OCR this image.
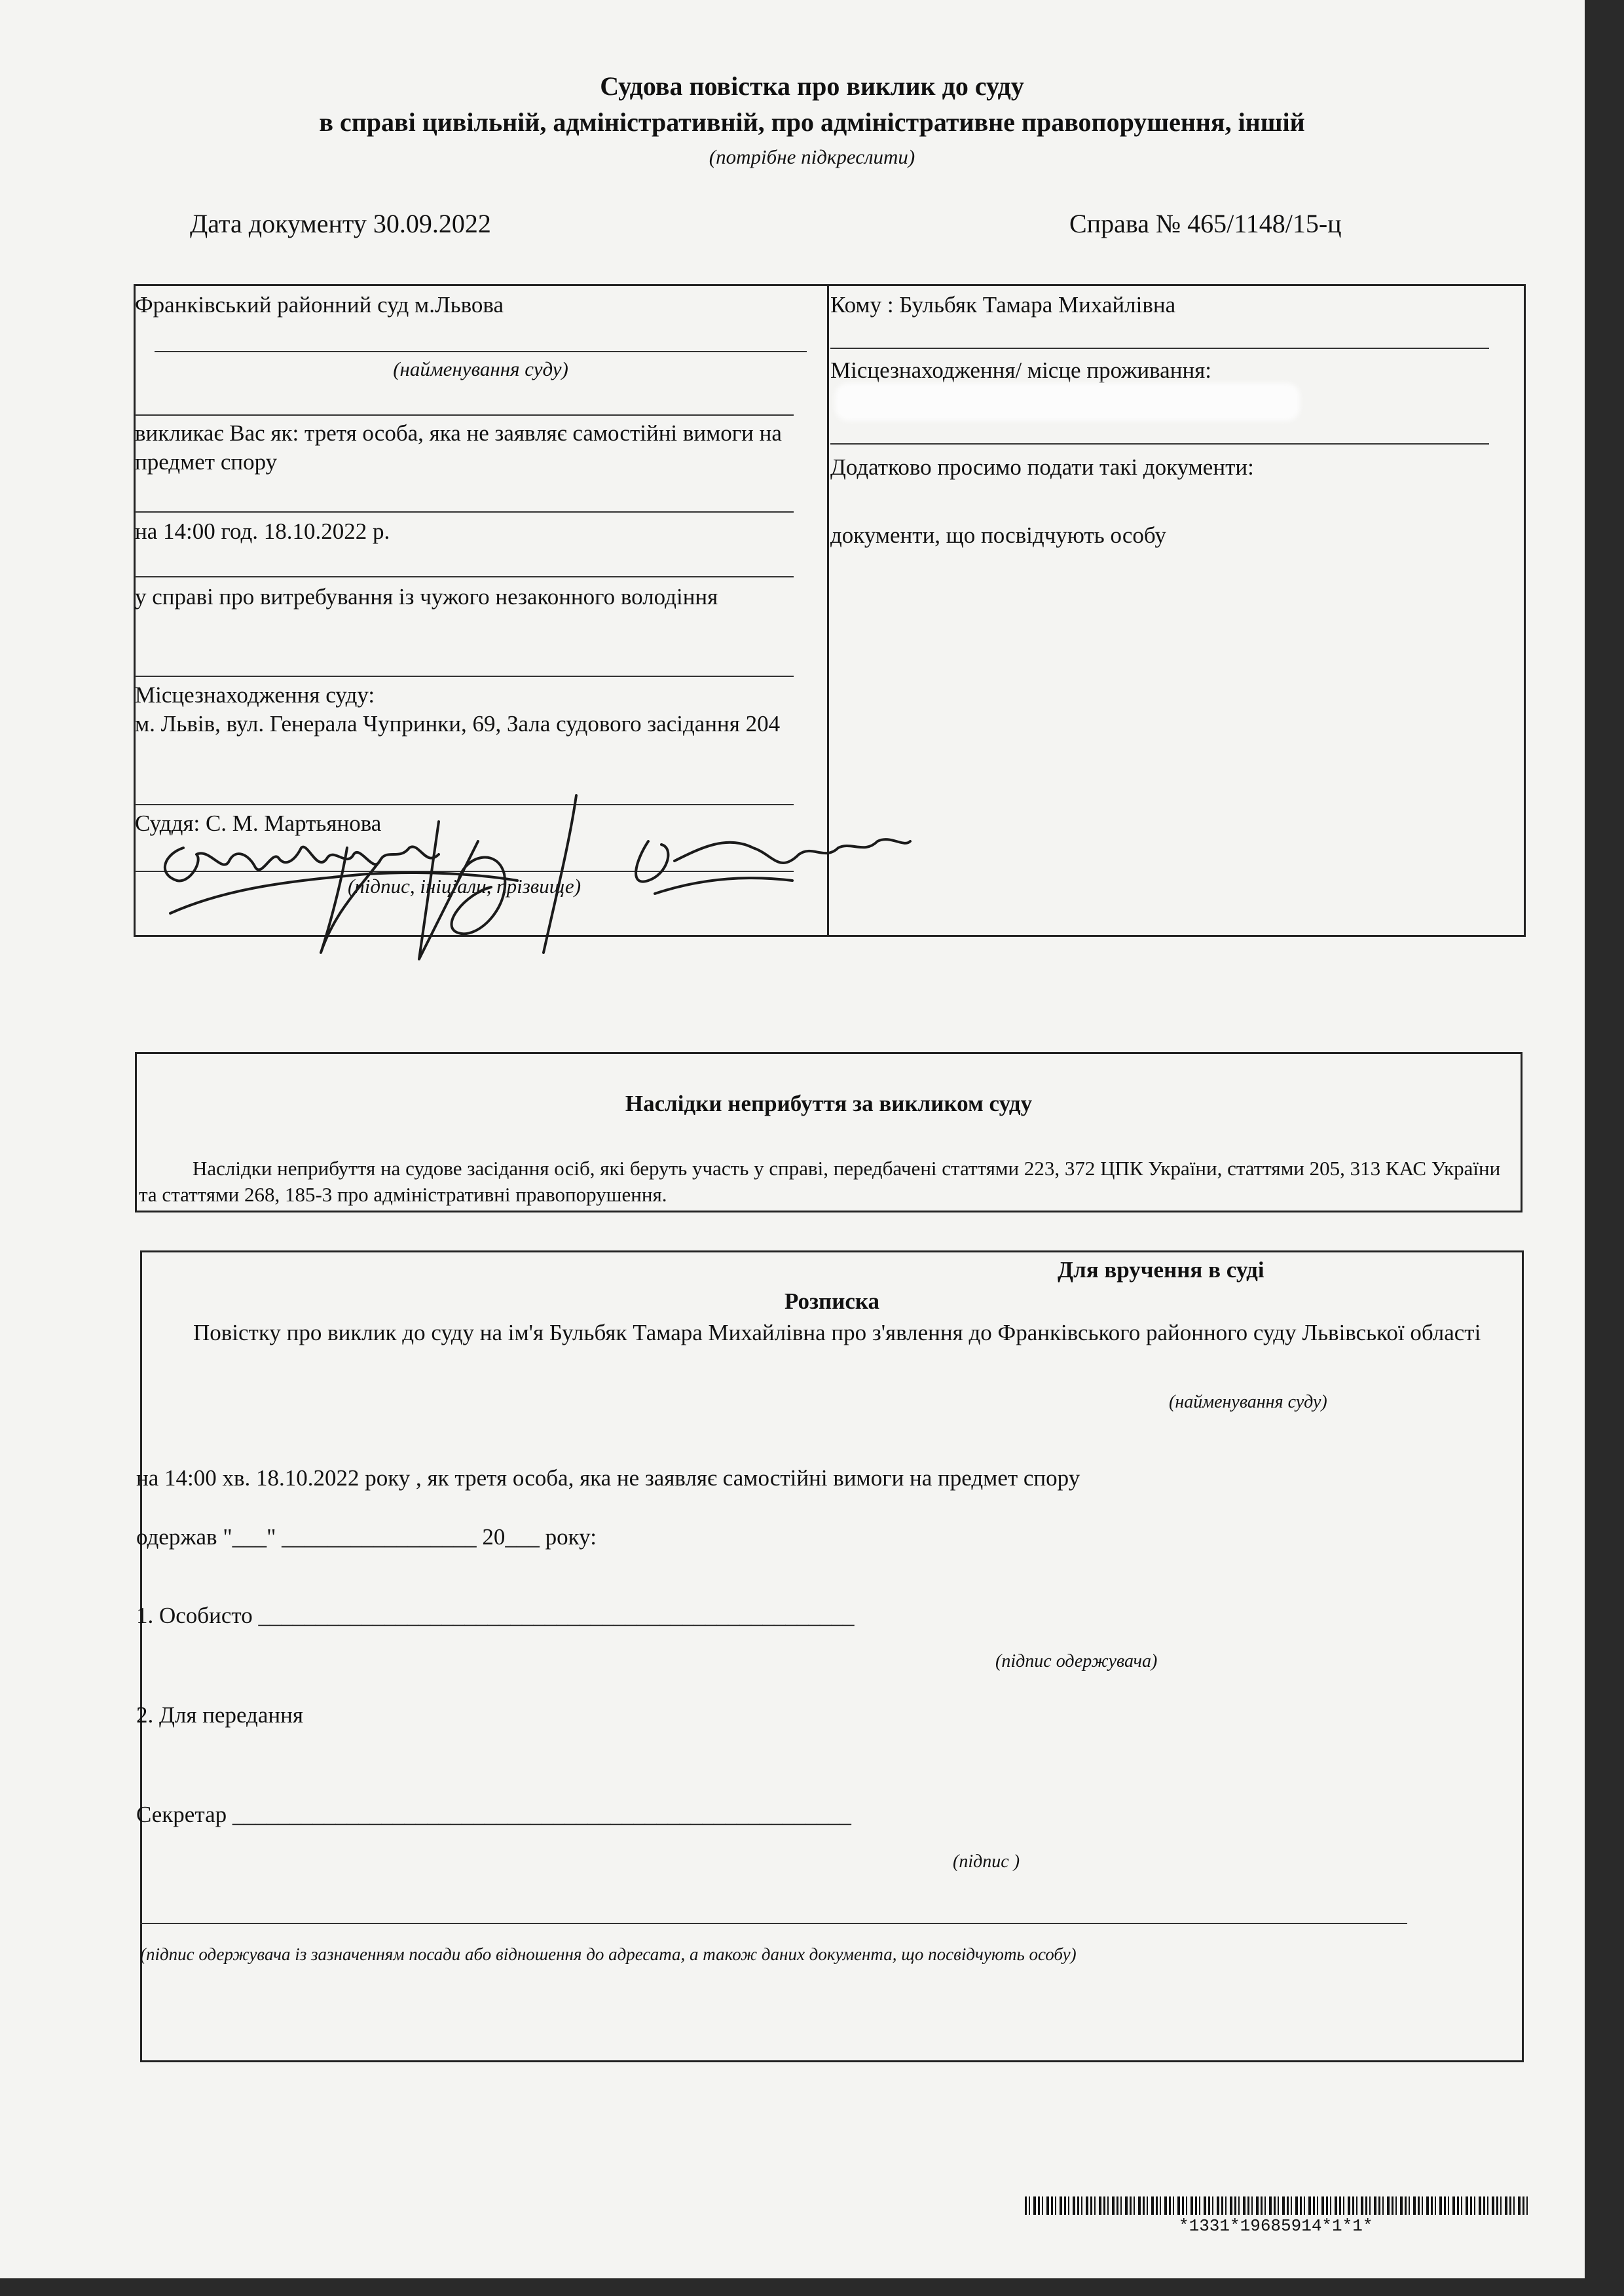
Судова повістка про виклик до суду
в справі цивільній, адміністративній, про адміністративне правопорушення, іншій
(потрібне підкреслити)
Дата документу 30.09.2022	Справа № 465/1148/15-ц
Франківський районний суд м.Львова
(найменування суду)
викликає Вас як: третя особа, яка не заявляє самостійні вимоги на предмет спору
на 14:00 год. 18.10.2022 р.
у справі про витребування із чужого незаконного володіння
Місцезнаходження суду:
м. Львів, вул. Генерала Чупринки, 69, Зала судового засідання 204
Суддя: С. М. Мартьянова
(підпис, ініціали, прізвище)
Кому : Бульбяк Тамара Михайлівна
Місцезнаходження/ місце проживання:
Додатково просимо подати такі документи:
документи, що посвідчують особу
Наслідки неприбуття за викликом суду
Наслідки неприбуття на судове засідання осіб, які беруть участь у справі, передбачені статтями 223, 372 ЦПК України, статтями 205, 313 КАС України та статтями 268, 185-3 про адміністративні правопорушення.
Для вручення в суді
Розписка
Повістку про виклик до суду на ім'я Бульбяк Тамара Михайлівна про з'явлення до Франківського районного суду Львівської області
(найменування суду)
на 14:00 хв. 18.10.2022 року , як третя особа, яка не заявляє самостійні вимоги на предмет спору
одержав "___" _________________ 20___ року:
1. Особисто ____________________________________________________
(підпис одержувача)
2. Для передання
Секретар ______________________________________________________
(підпис )
(підпис одержувача із зазначенням посади або відношення до адресата, а також даних документа, що посвідчують особу)
*1331*19685914*1*1*
